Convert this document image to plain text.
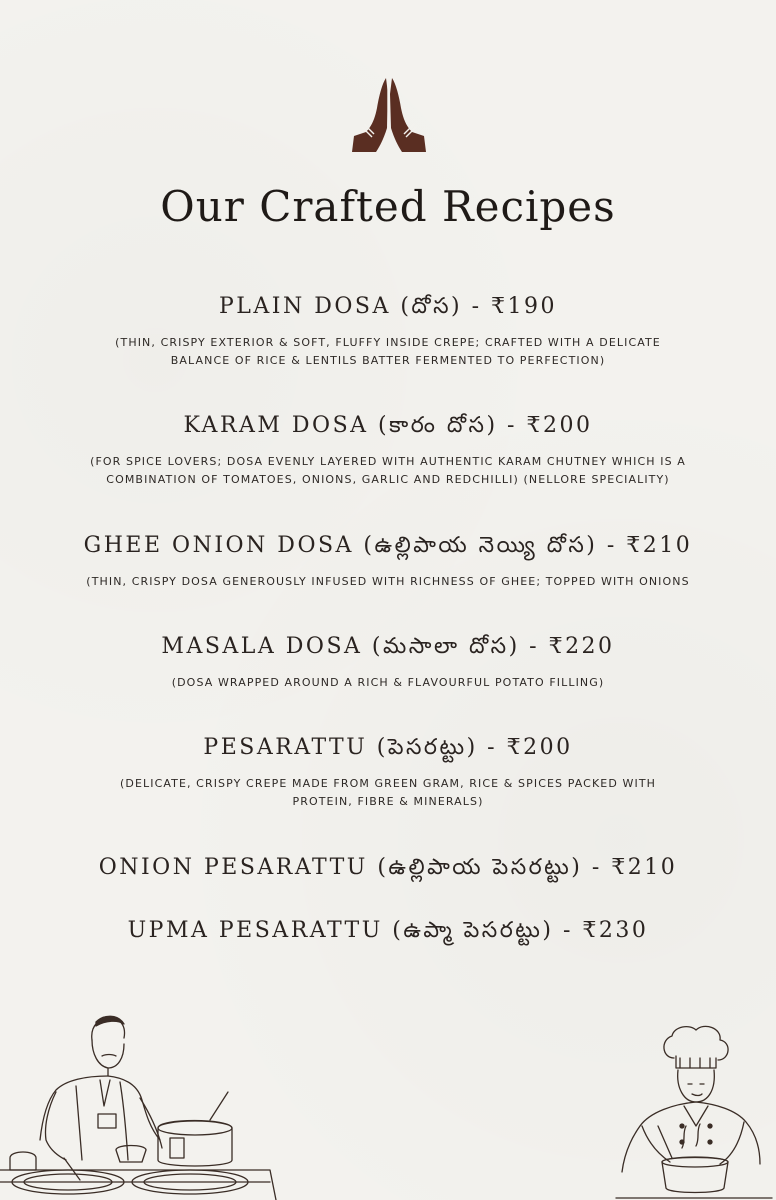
Our Crafted Recipes
PLAIN DOSA (దోస) - ₹190
(THIN, CRISPY EXTERIOR & SOFT, FLUFFY INSIDE CREPE; CRAFTED WITH A DELICATE
BALANCE OF RICE & LENTILS BATTER FERMENTED TO PERFECTION)
KARAM DOSA (కారం దోస) - ₹200
(FOR SPICE LOVERS; DOSA EVENLY LAYERED WITH AUTHENTIC KARAM CHUTNEY WHICH IS A
COMBINATION OF TOMATOES, ONIONS, GARLIC AND REDCHILLI) (NELLORE SPECIALITY)
GHEE ONION DOSA (ఉల్లిపాయ నెయ్యి దోస) - ₹210
(THIN, CRISPY DOSA GENEROUSLY INFUSED WITH RICHNESS OF GHEE; TOPPED WITH ONIONS
MASALA DOSA (మసాలా దోస) - ₹220
(DOSA WRAPPED AROUND A RICH & FLAVOURFUL POTATO FILLING)
PESARATTU (పెసరట్టు) - ₹200
(DELICATE, CRISPY CREPE MADE FROM GREEN GRAM, RICE & SPICES PACKED WITH
PROTEIN, FIBRE & MINERALS)
ONION PESARATTU (ఉల్లిపాయ పెసరట్టు) - ₹210
UPMA PESARATTU (ఉప్మా పెసరట్టు) - ₹230
